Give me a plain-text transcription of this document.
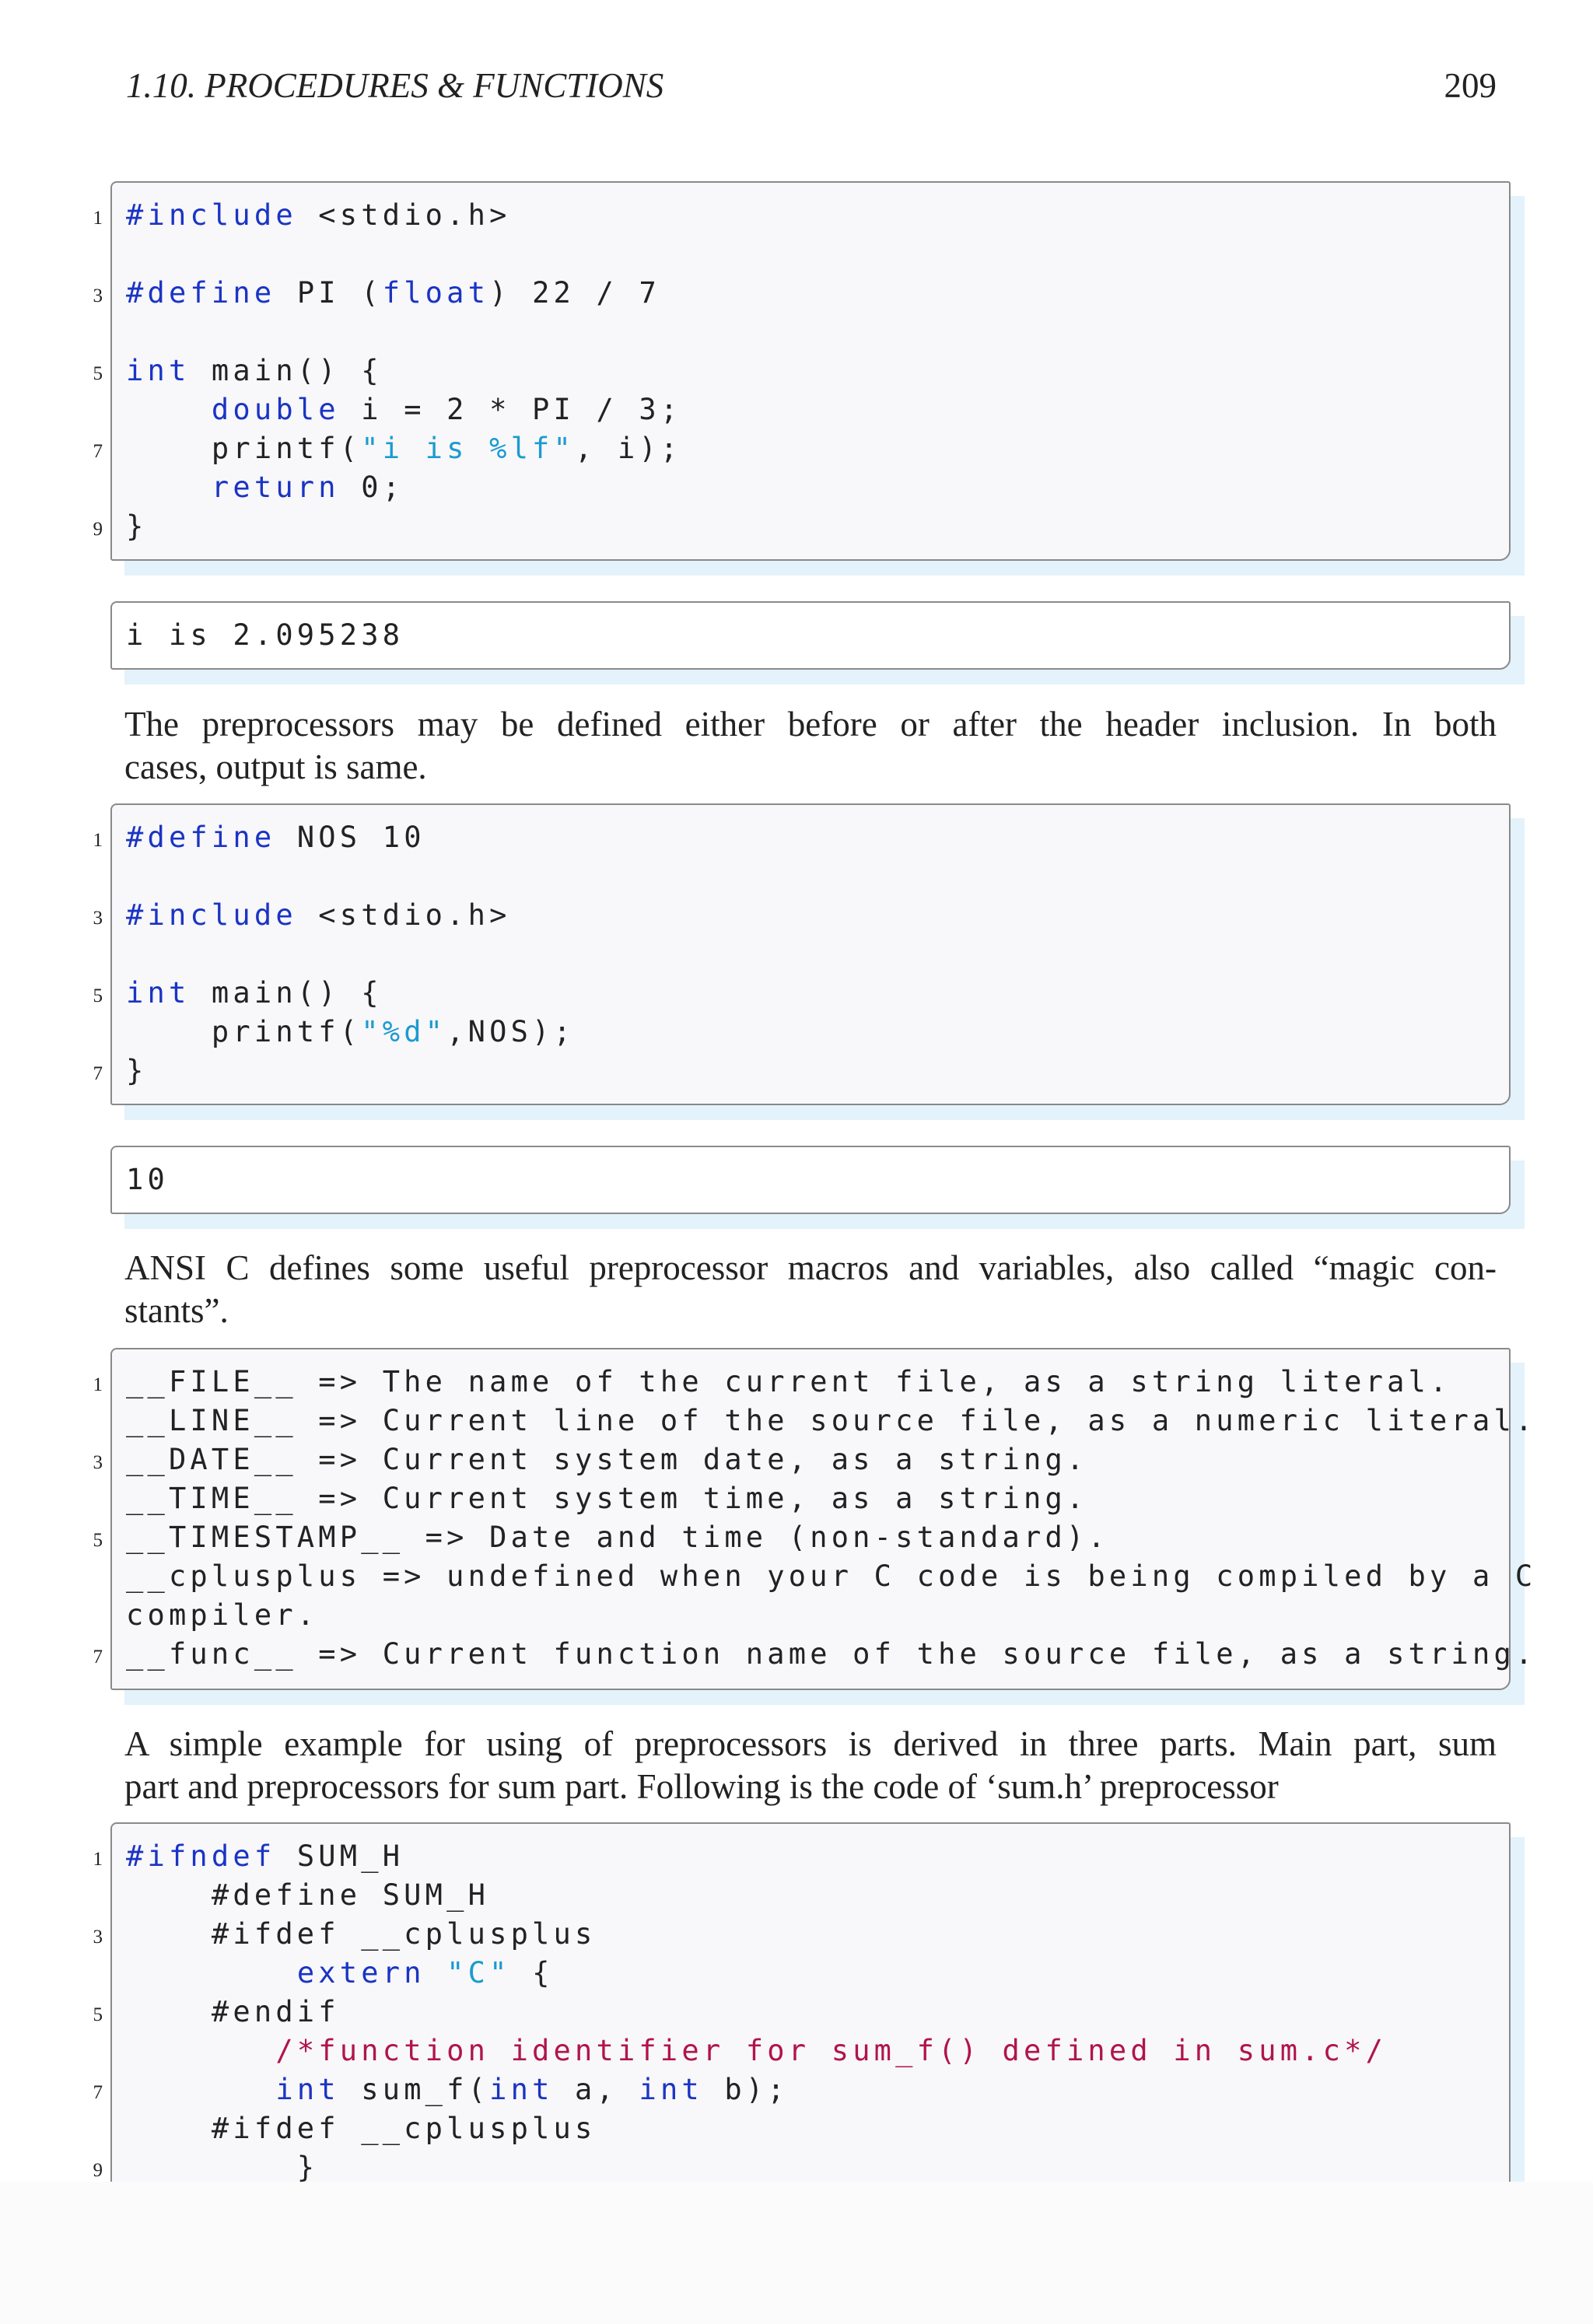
1.10. PROCEDURES & FUNCTIONS	209
1 #include <stdio.h>
3 #define PI (float) 22 / 7
5 int main() {
double i = 2 * PI / 3;
7 printf("i is %lf", i);
return 0;
9 }
i is 2.095238
The preprocessors may be defined either before or after the header inclusion. In both
cases, output is same.
1 #define NOS 10
3 #include <stdio.h>
5 int main() {
printf("%d",NOS);
7 }
10
ANSI C defines some useful preprocessor macros and variables, also called “magic con-
stants”.
1 __FILE__ => The name of the current file, as a string literal.
__LINE__ => Current line of the source file, as a numeric literal.
3 __DATE__ => Current system date, as a string.
__TIME__ => Current system time, as a string.
5 __TIMESTAMP__ => Date and time (non-standard).
__cplusplus => undefined when your C code is being compiled by a C
compiler.
7 __func__ => Current function name of the source file, as a string.
A simple example for using of preprocessors is derived in three parts. Main part, sum
part and preprocessors for sum part. Following is the code of ‘sum.h’ preprocessor
1 #ifndef SUM_H
#define SUM_H
3 #ifdef __cplusplus
extern "C" {
5 #endif
/*function identifier for sum_f() defined in sum.c*/
7	int sum_f(int a, int b);
#ifdef __cplusplus
9 }
